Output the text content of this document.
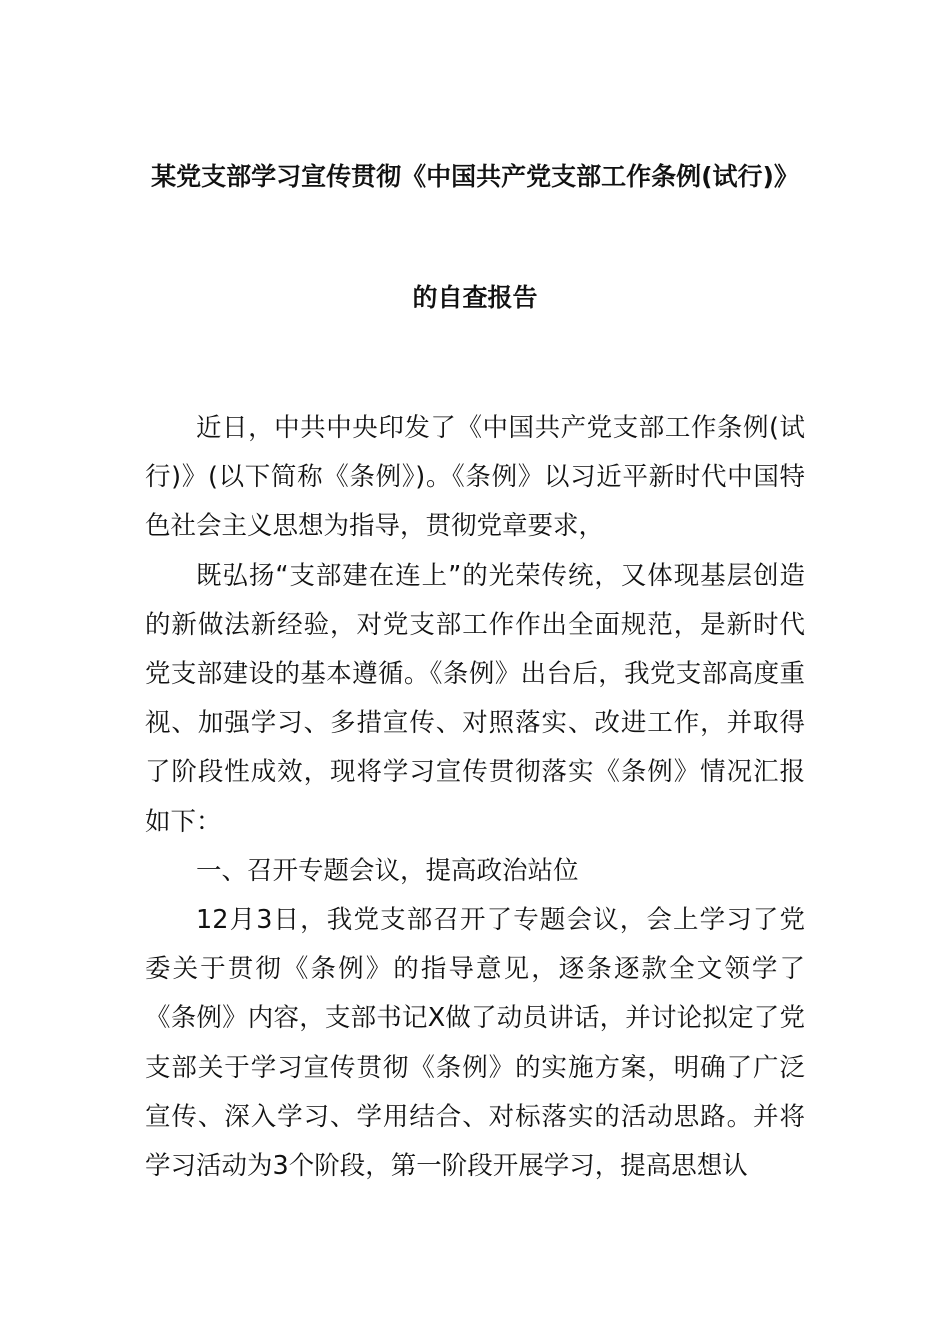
某党支部学习宣传贯彻《中国共产党支部工作条例(试行)》
的自查报告

近日，中共中央印发了《中国共产党支部工作条例(试行)》(以下简称《条例》)。《条例》以习近平新时代中国特色社会主义思想为指导，贯彻党章要求，

既弘扬“支部建在连上”的光荣传统，又体现基层创造的新做法新经验，对党支部工作作出全面规范，是新时代党支部建设的基本遵循。《条例》出台后，我党支部高度重视、加强学习、多措宣传、对照落实、改进工作，并取得了阶段性成效，现将学习宣传贯彻落实《条例》情况汇报如下：

一、召开专题会议，提高政治站位

12月3日，我党支部召开了专题会议，会上学习了党委关于贯彻《条例》的指导意见，逐条逐款全文领学了《条例》内容，支部书记X做了动员讲话，并讨论拟定了党支部关于学习宣传贯彻《条例》的实施方案，明确了广泛宣传、深入学习、学用结合、对标落实的活动思路。并将学习活动为3个阶段，第一阶段开展学习，提高思想认
